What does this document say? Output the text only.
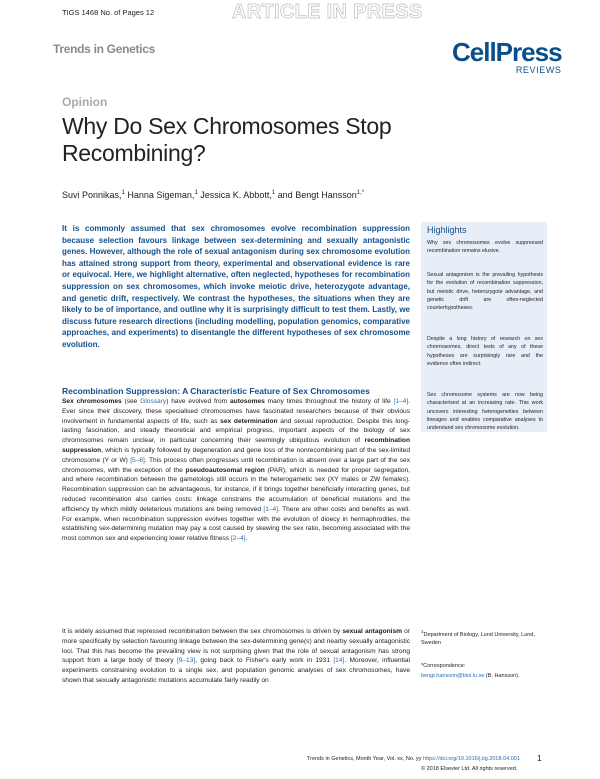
TIGS 1468 No. of Pages 12	ARTICLE IN PRESS
Trends in Genetics	CellPress
REVIEWS
Opinion
Why Do Sex Chromosomes Stop Recombining?
Suvi Ponnikas,$^1$ Hanna Sigeman,$^1$ Jessica K. Abbott,$^1$ and Bengt Hansson$^{1,*}$

It is commonly assumed that sex chromosomes evolve recombination suppression because selection favours linkage between sex-determining and sexually antagonistic genes. However, although the role of sexual antagonism during sex chromosome evolution has attained strong support from theory, experimental and observational evidence is rare or equivocal. Here, we highlight alternative, often neglected, hypotheses for recombination suppression on sex chromosomes, which invoke meiotic drive, heterozygote advantage, and genetic drift, respectively. We contrast the hypotheses, the situations when they are likely to be of importance, and outline why it is surprisingly difficult to test them. Lastly, we discuss future research directions (including modelling, population genomics, comparative approaches, and experiments) to disentangle the different hypotheses of sex chromosome evolution.

Recombination Suppression: A Characteristic Feature of Sex Chromosomes

Sex chromosomes (see Glossary) have evolved from autosomes many times throughout the history of life [1–4]. Ever since their discovery, these specialised chromosomes have fascinated researchers because of their obvious involvement in fundamental aspects of life, such as sex determination and sexual reproduction. Despite this long-lasting fascination, and steady theoretical and empirical progress, important aspects of the biology of sex chromosomes remain unclear, in particular concerning their seemingly ubiquitous evolution of recombination suppression, which is typically followed by degeneration and gene loss of the nonrecombining part of the sex-limited chromosome (Y or W) [5–8]. This process often progresses until recombination is absent over a large part of the sex chromosomes, with the exception of the pseudoautosomal region (PAR), which is needed for proper segregation, and where recombination between the gametologs still occurs in the heterogametic sex (XY males or ZW females). Recombination suppression can be advantageous, for instance, if it brings together beneficially interacting genes, but reduced recombination also carries costs: linkage constrains the accumulation of beneficial mutations and the efficiency by which mildly deleterious mutations are being removed [1–4]. There are other costs and benefits as well. For example, when recombination suppression evolves together with the evolution of dioecy in hermaphrodites, the establishing sex-determining mutation may pay a cost caused by skewing the sex ratio, becoming associated with the most common sex and experiencing lower relative fitness [2–4].

It is widely assumed that repressed recombination between the sex chromosomes is driven by sexual antagonism or more specifically by selection favouring linkage between the sex-determining gene(s) and nearby sexually antagonistic loci. That this has become the prevailing view is not surprising given that the role of sexual antagonism has strong support from a large body of theory [9–13], going back to Fisher's early work in 1931 [14]. Moreover, influential experiments constraining evolution to a single sex, and population genomic analyses of sex chromosomes, have shown that sexually antagonistic mutations accumulate fairly readily on

Highlights

Why sex chromosomes evolve suppressed recombination remains elusive.

Sexual antagonism is the prevailing hypothesis for the evolution of recombination suppression, but meiotic drive, heterozygote advantage, and genetic drift are often-neglected counterhypotheses.

Despite a long history of research on sex chromosomes, direct tests of any of these hypotheses are surprisingly rare and the evidence often indirect.

Sex chromosome systems are now being characterised at an increasing rate. This work uncovers interesting heterogeneities between lineages and enables comparative analyses to understand sex chromosome evolution.

$^1$Department of Biology, Lund University, Lund, Sweden

*Correspondence:
bengt.hansson@biol.lu.se (B. Hansson).
Trends in Genetics, Month Year, Vol. xx, No. yy https://doi.org/10.1016/j.tig.2018.04.001
© 2018 Elsevier Ltd. All rights reserved.
1
